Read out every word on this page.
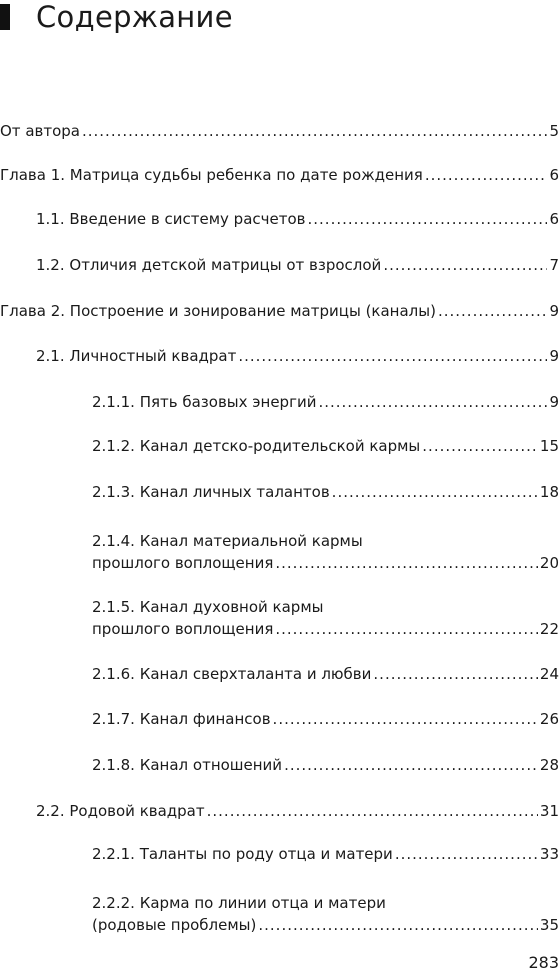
Содержание
От автора .....	5
Глава 1. Матрица судьбы ребенка по дате рождения .....	6
1.1. Введение в систему расчетов .....	6
1.2. Отличия детской матрицы от взрослой .....	7
Глава 2. Построение и зонирование матрицы (каналы) .....	9
2.1. Личностный квадрат .....	9
2.1.1. Пять базовых энергий .....	9
2.1.2. Канал детско-родительской кармы .....	15
2.1.3. Канал личных талантов .....	18
2.1.4. Канал материальной кармы
прошлого воплощения .....	20
2.1.5. Канал духовной кармы
прошлого воплощения .....	22
2.1.6. Канал сверхталанта и любви .....	24
2.1.7. Канал финансов .....	26
2.1.8. Канал отношений .....	28
2.2. Родовой квадрат .....	31
2.2.1. Таланты по роду отца и матери .....	33
2.2.2. Карма по линии отца и матери
(родовые проблемы) .....	35
283
